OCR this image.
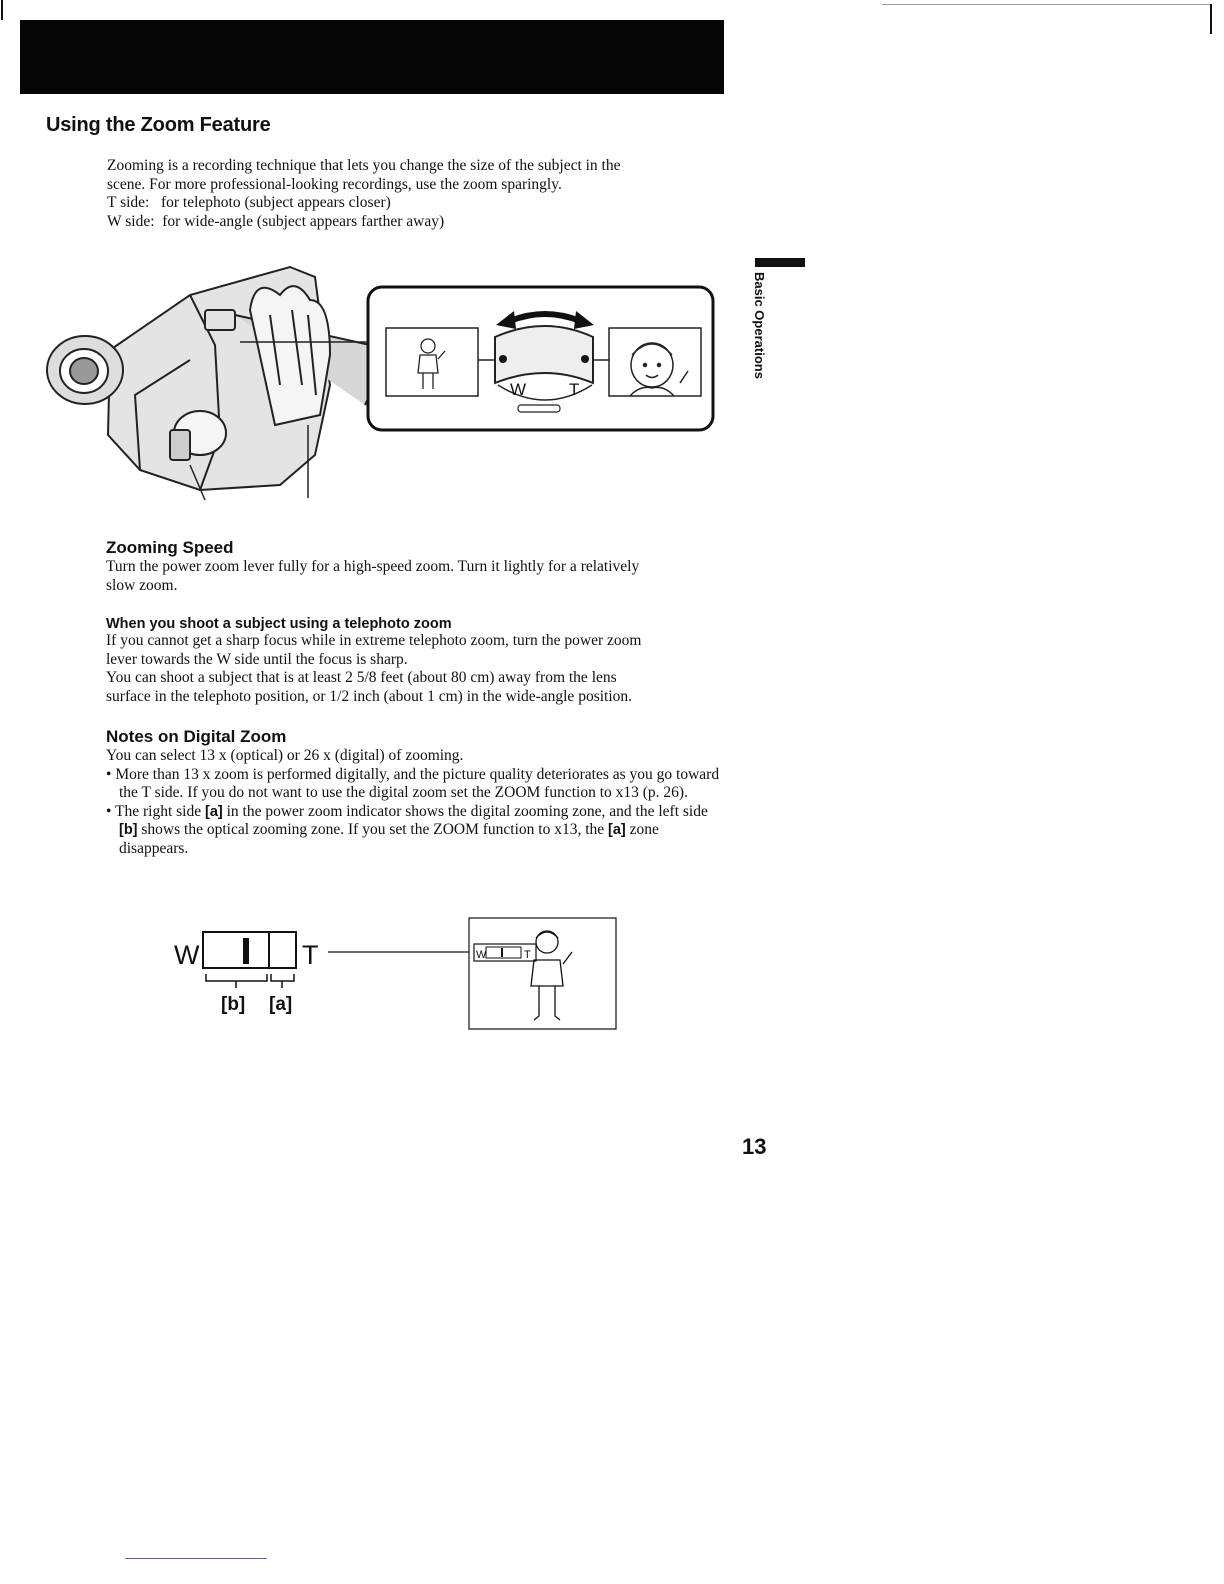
Using the Zoom Feature
Zooming is a recording technique that lets you change the size of the subject in the
scene. For more professional-looking recordings, use the zoom sparingly.
T side:   for telephoto (subject appears closer)
W side:  for wide-angle (subject appears farther away)
Basic Operations
W	T
Zooming Speed
Turn the power zoom lever fully for a high-speed zoom. Turn it lightly for a relatively
slow zoom.
When you shoot a subject using a telephoto zoom
If you cannot get a sharp focus while in extreme telephoto zoom, turn the power zoom
lever towards the W side until the focus is sharp.
You can shoot a subject that is at least 2 5/8 feet (about 80 cm) away from the lens
surface in the telephoto position, or 1/2 inch (about 1 cm) in the wide-angle position.
Notes on Digital Zoom
You can select 13 x (optical) or 26 x (digital) of zooming.
• More than 13 x zoom is performed digitally, and the picture quality deteriorates as you go toward the T side. If you do not want to use the digital zoom set the ZOOM function to x13 (p. 26).
• The right side [a] in the power zoom indicator shows the digital zooming zone, and the left side [b] shows the optical zooming zone. If you set the ZOOM function to x13, the [a] zone disappears.
W	T
[b] [a]
W	T
13
